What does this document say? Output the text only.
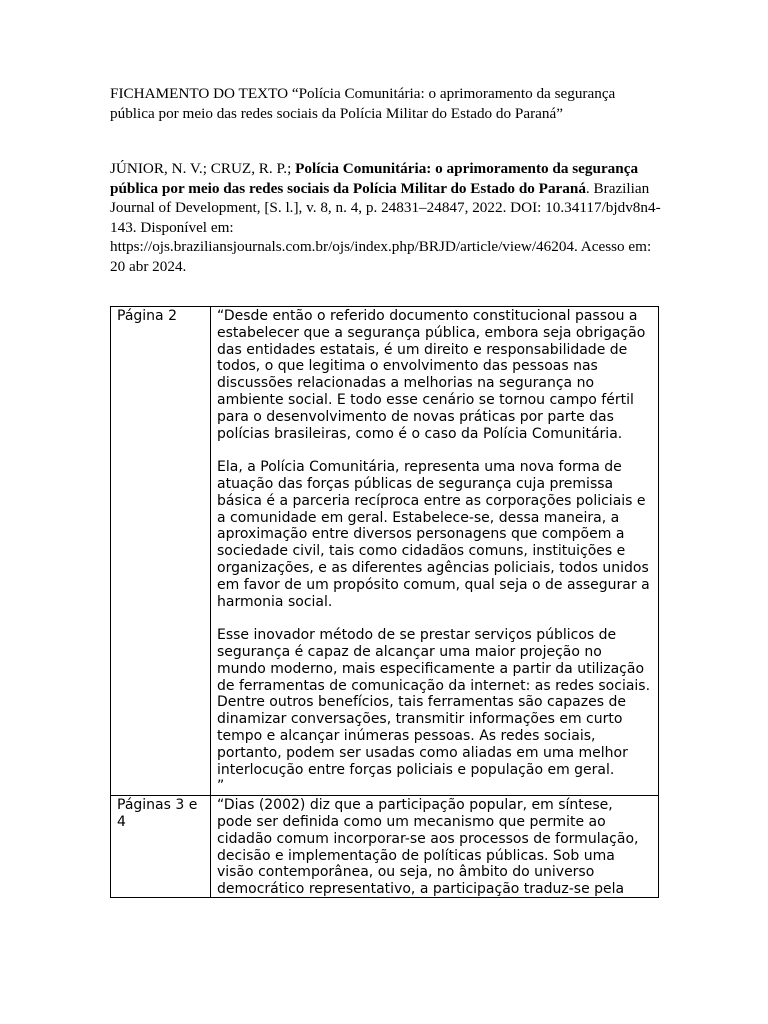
FICHAMENTO DO TEXTO “Polícia Comunitária: o aprimoramento da segurança pública por meio das redes sociais da Polícia Militar do Estado do Paraná”
JÚNIOR, N. V.; CRUZ, R. P.; Polícia Comunitária: o aprimoramento da segurança pública por meio das redes sociais da Polícia Militar do Estado do Paraná. Brazilian Journal of Development, [S. l.], v. 8, n. 4, p. 24831–24847, 2022. DOI: 10.34117/bjdv8n4-143. Disponível em: https://ojs.braziliansjournals.com.br/ojs/index.php/BRJD/article/view/46204. Acesso em: 20 abr 2024.
Página 2	“Desde então o referido documento constitucional passou a estabelecer que a segurança pública, embora seja obrigação das entidades estatais, é um direito e responsabilidade de todos, o que legitima o envolvimento das pessoas nas discussões relacionadas a melhorias na segurança no ambiente social. E todo esse cenário se tornou campo fértil para o desenvolvimento de novas práticas por parte das polícias brasileiras, como é o caso da Polícia Comunitária.

Ela, a Polícia Comunitária, representa uma nova forma de atuação das forças públicas de segurança cuja premissa básica é a parceria recíproca entre as corporações policiais e a comunidade em geral. Estabelece-se, dessa maneira, a aproximação entre diversos personagens que compõem a sociedade civil, tais como cidadãos comuns, instituições e organizações, e as diferentes agências policiais, todos unidos em favor de um propósito comum, qual seja o de assegurar a harmonia social.

Esse inovador método de se prestar serviços públicos de segurança é capaz de alcançar uma maior projeção no mundo moderno, mais especificamente a partir da utilização de ferramentas de comunicação da internet: as redes sociais. Dentre outros benefícios, tais ferramentas são capazes de dinamizar conversações, transmitir informações em curto tempo e alcançar inúmeras pessoas. As redes sociais, portanto, podem ser usadas como aliadas em uma melhor interlocução entre forças policiais e população em geral.

”

Páginas 3 e 4	“Dias (2002) diz que a participação popular, em síntese, pode ser definida como um mecanismo que permite ao cidadão comum incorporar-se aos processos de formulação, decisão e implementação de políticas públicas. Sob uma visão contemporânea, ou seja, no âmbito do universo democrático representativo, a participação traduz-se pela
